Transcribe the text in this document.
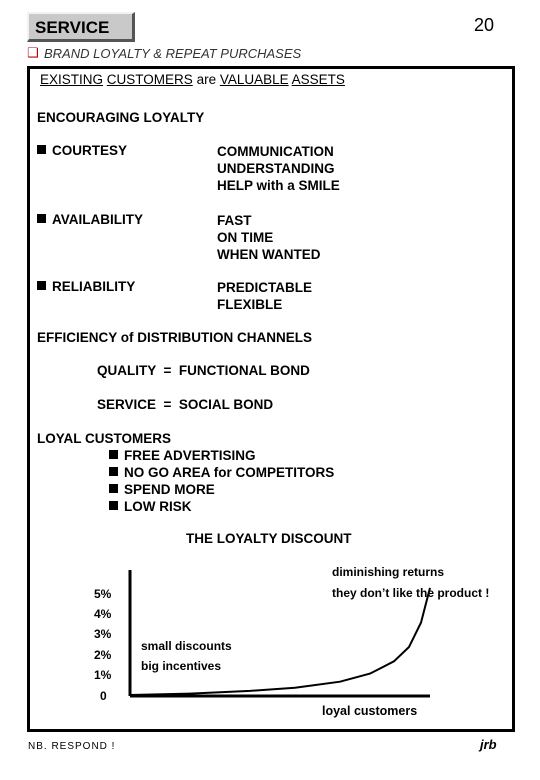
SERVICE	20
❑ BRAND LOYALTY & REPEAT PURCHASES
EXISTING CUSTOMERS are VALUABLE ASSETS
ENCOURAGING LOYALTY
COURTESY	COMMUNICATION
UNDERSTANDING
HELP with a SMILE
AVAILABILITY	FAST
ON TIME
WHEN WANTED
RELIABILITY	PREDICTABLE
FLEXIBLE
EFFICIENCY of DISTRIBUTION CHANNELS
QUALITY  =  FUNCTIONAL BOND
SERVICE  =  SOCIAL BOND
LOYAL CUSTOMERS
FREE ADVERTISING
NO GO AREA for COMPETITORS
SPEND MORE
LOW RISK
THE LOYALTY DISCOUNT
0
1%
2%
3%
4%
5%
diminishing returns
they don’t like the product !
small discounts
big incentives
loyal customers
NB. RESPOND !	jrb
